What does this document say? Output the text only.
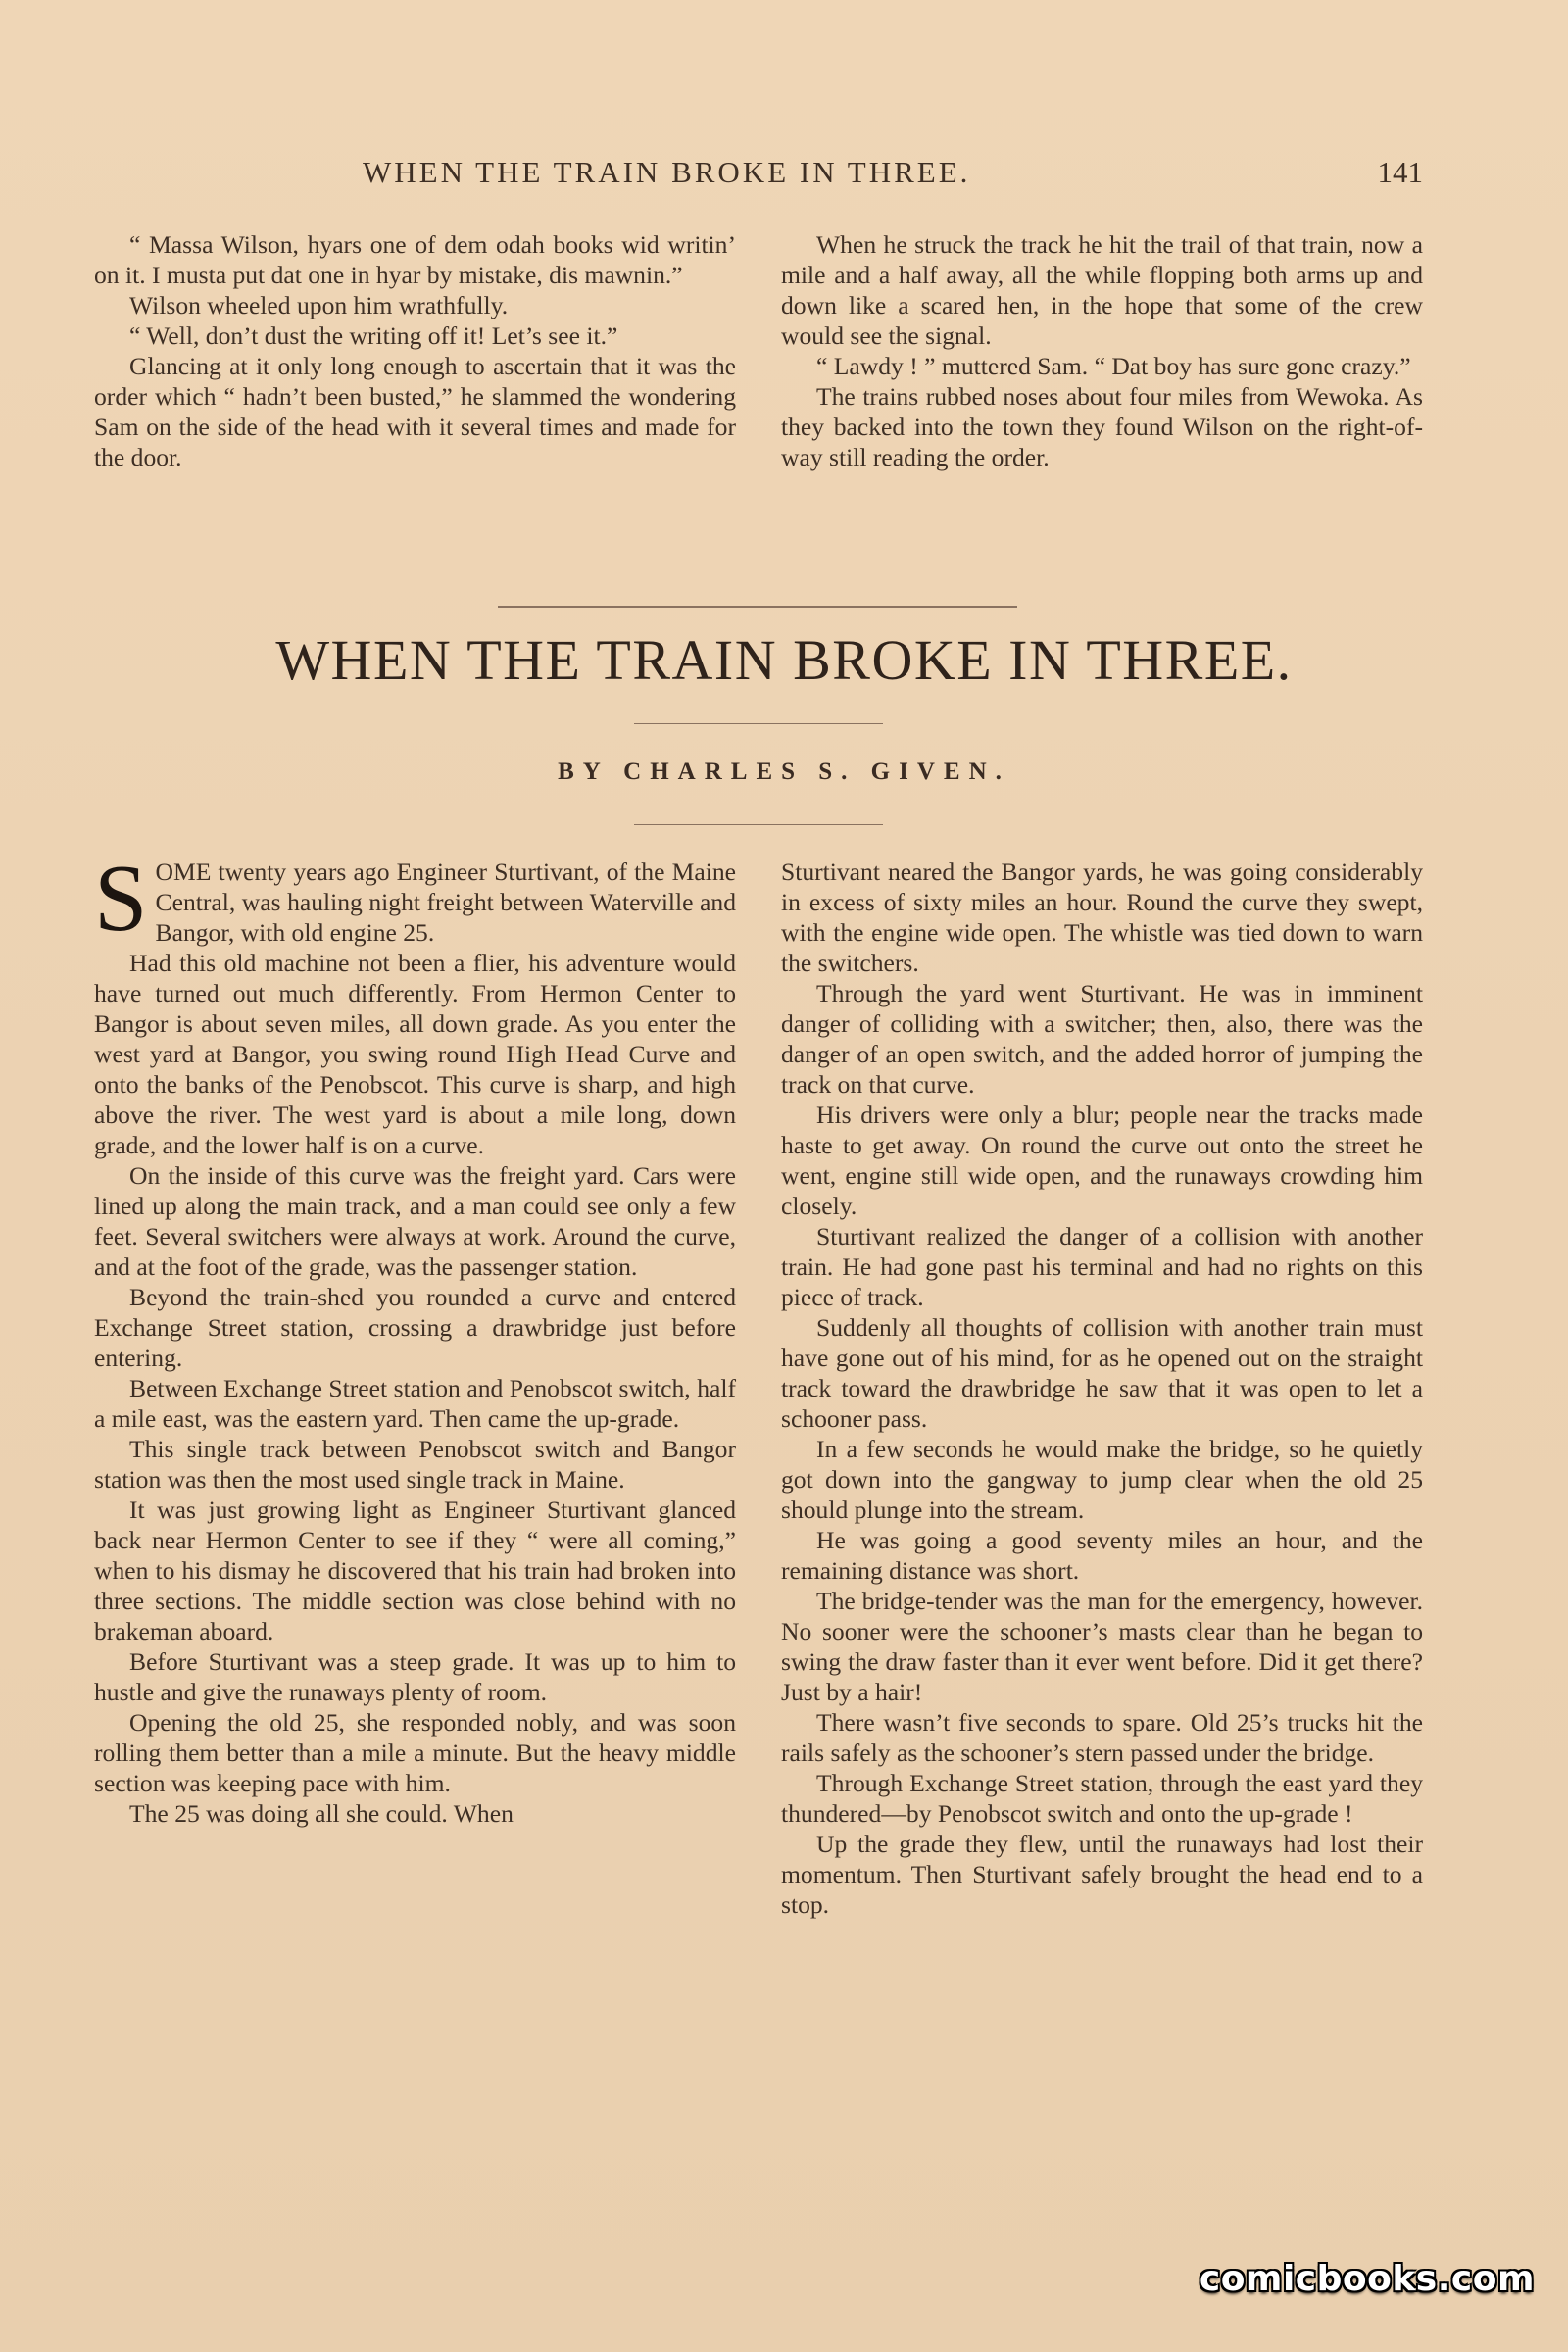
WHEN THE TRAIN BROKE IN THREE.	141

“ Massa Wilson, hyars one of dem odah books wid writin’ on it. I musta put dat one in hyar by mistake, dis mawnin.”

Wilson wheeled upon him wrathfully.

“ Well, don’t dust the writing off it! Let’s see it.”

Glancing at it only long enough to ascertain that it was the order which “ hadn’t been busted,” he slammed the wondering Sam on the side of the head with it several times and made for the door.

When he struck the track he hit the trail of that train, now a mile and a half away, all the while flopping both arms up and down like a scared hen, in the hope that some of the crew would see the signal.

“ Lawdy ! ” muttered Sam. “ Dat boy has sure gone crazy.”

The trains rubbed noses about four miles from Wewoka. As they backed into the town they found Wilson on the right-of-way still reading the order.

WHEN THE TRAIN BROKE IN THREE.
BY CHARLES S. GIVEN.

SOME twenty years ago Engineer Sturtivant, of the Maine Central, was hauling night freight between Waterville and Bangor, with old engine 25.

Had this old machine not been a flier, his adventure would have turned out much differently. From Hermon Center to Bangor is about seven miles, all down grade. As you enter the west yard at Bangor, you swing round High Head Curve and onto the banks of the Penobscot. This curve is sharp, and high above the river. The west yard is about a mile long, down grade, and the lower half is on a curve.

On the inside of this curve was the freight yard. Cars were lined up along the main track, and a man could see only a few feet. Several switchers were always at work. Around the curve, and at the foot of the grade, was the passenger station.

Beyond the train-shed you rounded a curve and entered Exchange Street station, crossing a drawbridge just before entering.

Between Exchange Street station and Penobscot switch, half a mile east, was the eastern yard. Then came the up-grade.

This single track between Penobscot switch and Bangor station was then the most used single track in Maine.

It was just growing light as Engineer Sturtivant glanced back near Hermon Center to see if they “ were all coming,” when to his dismay he discovered that his train had broken into three sections. The middle section was close behind with no brakeman aboard.

Before Sturtivant was a steep grade. It was up to him to hustle and give the runaways plenty of room.

Opening the old 25, she responded nobly, and was soon rolling them better than a mile a minute. But the heavy middle section was keeping pace with him.

The 25 was doing all she could. When

Sturtivant neared the Bangor yards, he was going considerably in excess of sixty miles an hour. Round the curve they swept, with the engine wide open. The whistle was tied down to warn the switchers.

Through the yard went Sturtivant. He was in imminent danger of colliding with a switcher; then, also, there was the danger of an open switch, and the added horror of jumping the track on that curve.

His drivers were only a blur; people near the tracks made haste to get away. On round the curve out onto the street he went, engine still wide open, and the runaways crowding him closely.

Sturtivant realized the danger of a collision with another train. He had gone past his terminal and had no rights on this piece of track.

Suddenly all thoughts of collision with another train must have gone out of his mind, for as he opened out on the straight track toward the drawbridge he saw that it was open to let a schooner pass.

In a few seconds he would make the bridge, so he quietly got down into the gangway to jump clear when the old 25 should plunge into the stream.

He was going a good seventy miles an hour, and the remaining distance was short.

The bridge-tender was the man for the emergency, however. No sooner were the schooner’s masts clear than he began to swing the draw faster than it ever went before. Did it get there? Just by a hair!

There wasn’t five seconds to spare. Old 25’s trucks hit the rails safely as the schooner’s stern passed under the bridge.

Through Exchange Street station, through the east yard they thundered—by Penobscot switch and onto the up-grade !

Up the grade they flew, until the runaways had lost their momentum. Then Sturtivant safely brought the head end to a stop.

comicbooks.com
